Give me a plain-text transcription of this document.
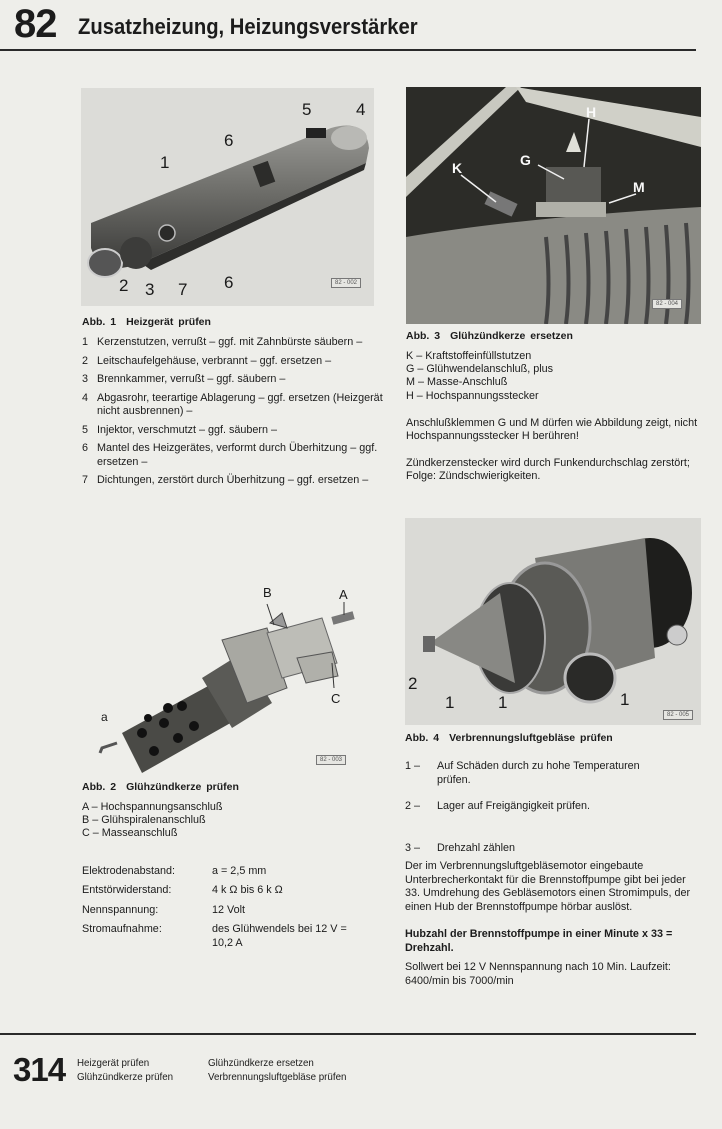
82 Zusatzheizung, Heizungsverstärker
1
2 3
4
5
6
6
7	82 - 002
Abb. 1 Heizgerät prüfen
1 Kerzenstutzen, verrußt – ggf. mit Zahnbürste säubern –
2 Leitschaufelgehäuse, verbrannt – ggf. ersetzen –
3 Brennkammer, verrußt – ggf. säubern –
4 Abgasrohr, teerartige Ablagerung – ggf. ersetzen (Heizgerät nicht ausbrennen) –
5 Injektor, verschmutzt – ggf. säubern –
6 Mantel des Heizgerätes, verformt durch Überhitzung – ggf. ersetzen –
7 Dichtungen, zerstört durch Überhitzung – ggf. ersetzen –
H
G
K
M
82 - 004
Abb. 3 Glühzündkerze ersetzen
K – Kraftstoffeinfüllstutzen
G – Glühwendelanschluß, plus
M – Masse-Anschluß
H – Hochspannungsstecker
Anschlußklemmen G und M dürfen wie Abbildung zeigt, nicht Hochspannungsstecker H berühren!
Zündkerzenstecker wird durch Funkendurchschlag zerstört; Folge: Zündschwierigkeiten.
B	A
C
a
82 - 003
Abb. 2 Glühzündkerze prüfen
A – Hochspannungsanschluß
B – Glühspiralenanschluß
C – Masseanschluß
Elektrodenabstand:	a = 2,5 mm
Entstörwiderstand:	4 k Ω bis 6 k Ω
Nennspannung:	12 Volt
Stromaufnahme:	des Glühwendels bei 12 V = 10,2 A
2
1	1	1
82 - 005
Abb. 4 Verbrennungsluftgebläse prüfen
1 –	Auf Schäden durch zu hohe Temperaturen prüfen.
2 –	Lager auf Freigängigkeit prüfen.
3 –	Drehzahl zählen
Der im Verbrennungsluftgebläsemotor eingebaute Unterbrecherkontakt für die Brennstoffpumpe gibt bei jeder 33. Umdrehung des Gebläsemotors einen Stromimpuls, der einen Hub der Brennstoffpumpe hörbar auslöst.
Hubzahl der Brennstoffpumpe in einer Minute x 33 = Drehzahl.
Sollwert bei 12 V Nennspannung nach 10 Min. Laufzeit: 6400/min bis 7000/min
314 Heizgerät prüfen
Glühzündkerze prüfen
Glühzündkerze ersetzen
Verbrennungsluftgebläse prüfen
